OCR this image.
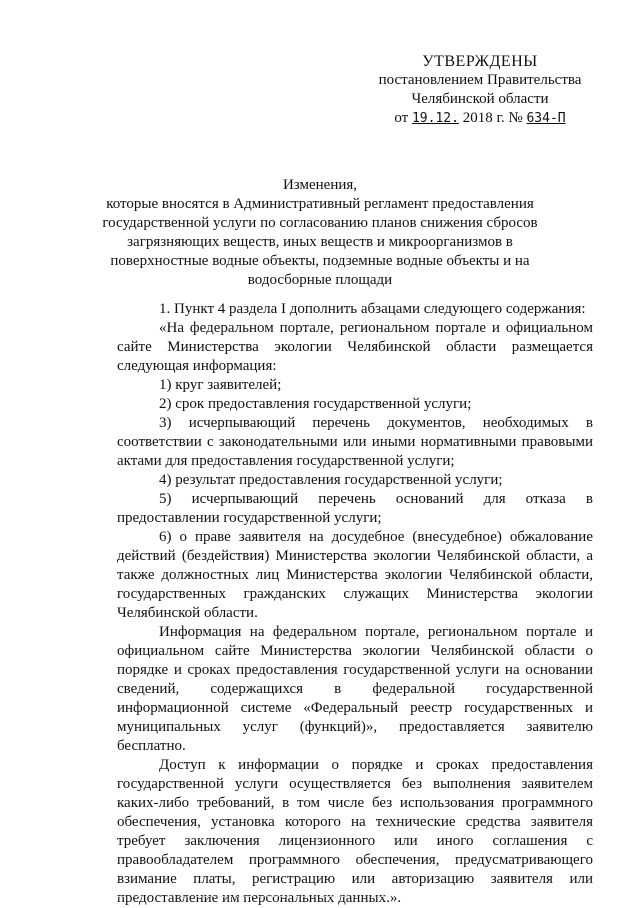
УТВЕРЖДЕНЫ
постановлением Правительства
Челябинской области
от 19.12. 2018 г. № 634-П
Изменения,
которые вносятся в Административный регламент предоставления государственной услуги по согласованию планов снижения сбросов загрязняющих веществ, иных веществ и микроорганизмов в поверхностные водные объекты, подземные водные объекты и на водосборные площади

1. Пункт 4 раздела I дополнить абзацами следующего содержания:

«На федеральном портале, региональном портале и официальном сайте Министерства экологии Челябинской области размещается следующая информация:

1) круг заявителей;

2) срок предоставления государственной услуги;

3) исчерпывающий перечень документов, необходимых в соответствии с законодательными или иными нормативными правовыми актами для предоставления государственной услуги;

4) результат предоставления государственной услуги;

5) исчерпывающий перечень оснований для отказа в предоставлении государственной услуги;

6) о праве заявителя на досудебное (внесудебное) обжалование действий (бездействия) Министерства экологии Челябинской области, а также должностных лиц Министерства экологии Челябинской области, государственных гражданских служащих Министерства экологии Челябинской области.

Информация на федеральном портале, региональном портале и официальном сайте Министерства экологии Челябинской области о порядке и сроках предоставления государственной услуги на основании сведений, содержащихся в федеральной государственной информационной системе «Федеральный реестр государственных и муниципальных услуг (функций)», предоставляется заявителю бесплатно.

Доступ к информации о порядке и сроках предоставления государственной услуги осуществляется без выполнения заявителем каких-либо требований, в том числе без использования программного обеспечения, установка которого на технические средства заявителя требует заключения лицензионного или иного соглашения с правообладателем программного обеспечения, предусматривающего взимание платы, регистрацию или авторизацию заявителя или предоставление им персональных данных.».
